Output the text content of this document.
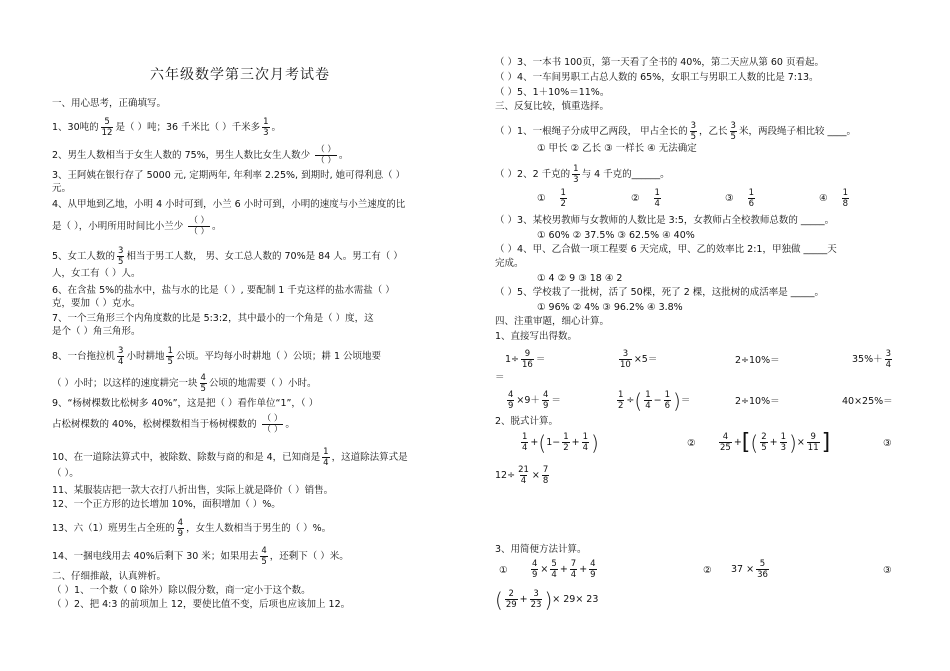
六年级数学第三次月考试卷
一、用心思考，正确填写。
1、30吨的 $\frac{5}{12}$ 是（ ）吨；36 千米比（ ）千米多 $\frac{1}{3}$ 。
2、男生人数相当于女生人数的 75%，男生人数比女生人数少 $\frac{( )}{( )}$ 。
3、王阿姨在银行存了 5000 元, 定期两年, 年利率 2.25%, 到期时, 她可得利息（ ）
元。
4、从甲地到乙地，小明 4 小时可到，小兰 6 小时可到，小明的速度与小兰速度的比
是（ ），小明所用时间比小兰少 $\frac{( )}{( )}$ 。
5、女工人数的 $\frac{3}{5}$ 相当于男工人数， 男、女工总人数的 70%是 84 人。男工有（ ）
人，女工有（ ）人。
6、在含盐 5%的盐水中，盐与水的比是（ ）, 要配制 1 千克这样的盐水需盐（ ）
克，要加（ ）克水。
7、一个三角形三个内角度数的比是 5:3:2，其中最小的一个角是（ ）度，这
是个（ ）角三角形。
8、一台拖拉机 $\frac{3}{4}$ 小时耕地 $\frac{1}{5}$ 公顷。平均每小时耕地（ ）公顷；耕 1 公顷地要
（ ）小时；以这样的速度耕完一块 $\frac{4}{5}$ 公顷的地需要（ ）小时。
9、“杨树棵数比松树多 40%”，这是把（ ）看作单位“1”，（ ）
占松树棵数的 40%，松树棵数相当于杨树棵数的 $\frac{( )}{( )}$ 。
10、在一道除法算式中，被除数、除数与商的和是 4，已知商是 $\frac{1}{4}$ ，这道除法算式是
（ ）。
11、某服装店把一款大衣打八折出售，实际上就是降价（ ）销售。
12、一个正方形的边长增加 10%，面积增加（ ）%。
13、六（1）班男生占全班的 $\frac{4}{9}$ ，女生人数相当于男生的（ ）%。
14、一捆电线用去 40%后剩下 30 米；如果用去 $\frac{4}{5}$ ，还剩下（ ）米。
二、仔细推敲，认真辨析。
（ ）1、一个数（ 0 除外）除以假分数，商一定小于这个数。
（ ）2、把 4:3 的前项加上 12，要使比值不变，后项也应该加上 12。
（ ）3、一本书 100页，第一天看了全书的 40%，第二天应从第 60 页看起。
（ ）4、一车间男职工占总人数的 65%，女职工与男职工人数的比是 7:13。
（ ）5、1＋10%＝11%。
三、反复比较，慎重选择。
（ ）1、一根绳子分成甲乙两段， 甲占全长的 $\frac{3}{5}$ ，乙长 $\frac{3}{5}$ 米，两段绳子相比较 ____。
① 甲长 ② 乙长 ③ 一样长 ④ 无法确定
（ ）2、2 千克的 $\frac{1}{3}$ 与 4 千克的______。
① $\frac{1}{2}$	② $\frac{1}{4}$	③ $\frac{1}{6}$	④ $\frac{1}{8}$
（ ）3、某校男教师与女教师的人数比是 3:5，女教师占全校教师总数的 _____。
① 60% ② 37.5% ③ 62.5% ④ 40%
（ ）4、甲、乙合做一项工程要 6 天完成，甲、乙的效率比 2:1，甲独做 _____天
完成。
① 4 ② 9 ③ 18 ④ 2
（ ）5、学校栽了一批树，活了 50棵，死了 2 棵，这批树的成活率是 _____。
① 96% ② 4% ③ 96.2% ④ 3.8%
四、注重审题，细心计算。
1、直接写出得数。
$1\div \frac{9}{16}$ ＝	$\frac{3}{10} \times 5=$	2÷10%＝	$35\%+ \frac{3}{4}$
＝
$\frac{4}{9} \times 9+ \frac{4}{9}$ ＝	$\frac{1}{2}$ ÷( $\frac{1}{4} - \frac{1}{6}$ )＝	2÷10%＝	40×25%＝
2、脱式计算。
$\frac{1}{4} +(1- \frac{1}{2} + \frac{1}{4}$ )	②	$\frac{4}{25}$ +[( $\frac{2}{5} + \frac{1}{3}$ )× $\frac{9}{11}$ ]	③
$12\div \frac{21}{4} \times \frac{7}{8}$
3、用简便方法计算。
①	$\frac{4}{9} \times \frac{5}{4} + \frac{7}{4} + \frac{4}{9}$	② $37 \times \frac{5}{36}$	③
( $\frac{2}{29} + \frac{3}{23}$ )× 29× 23
